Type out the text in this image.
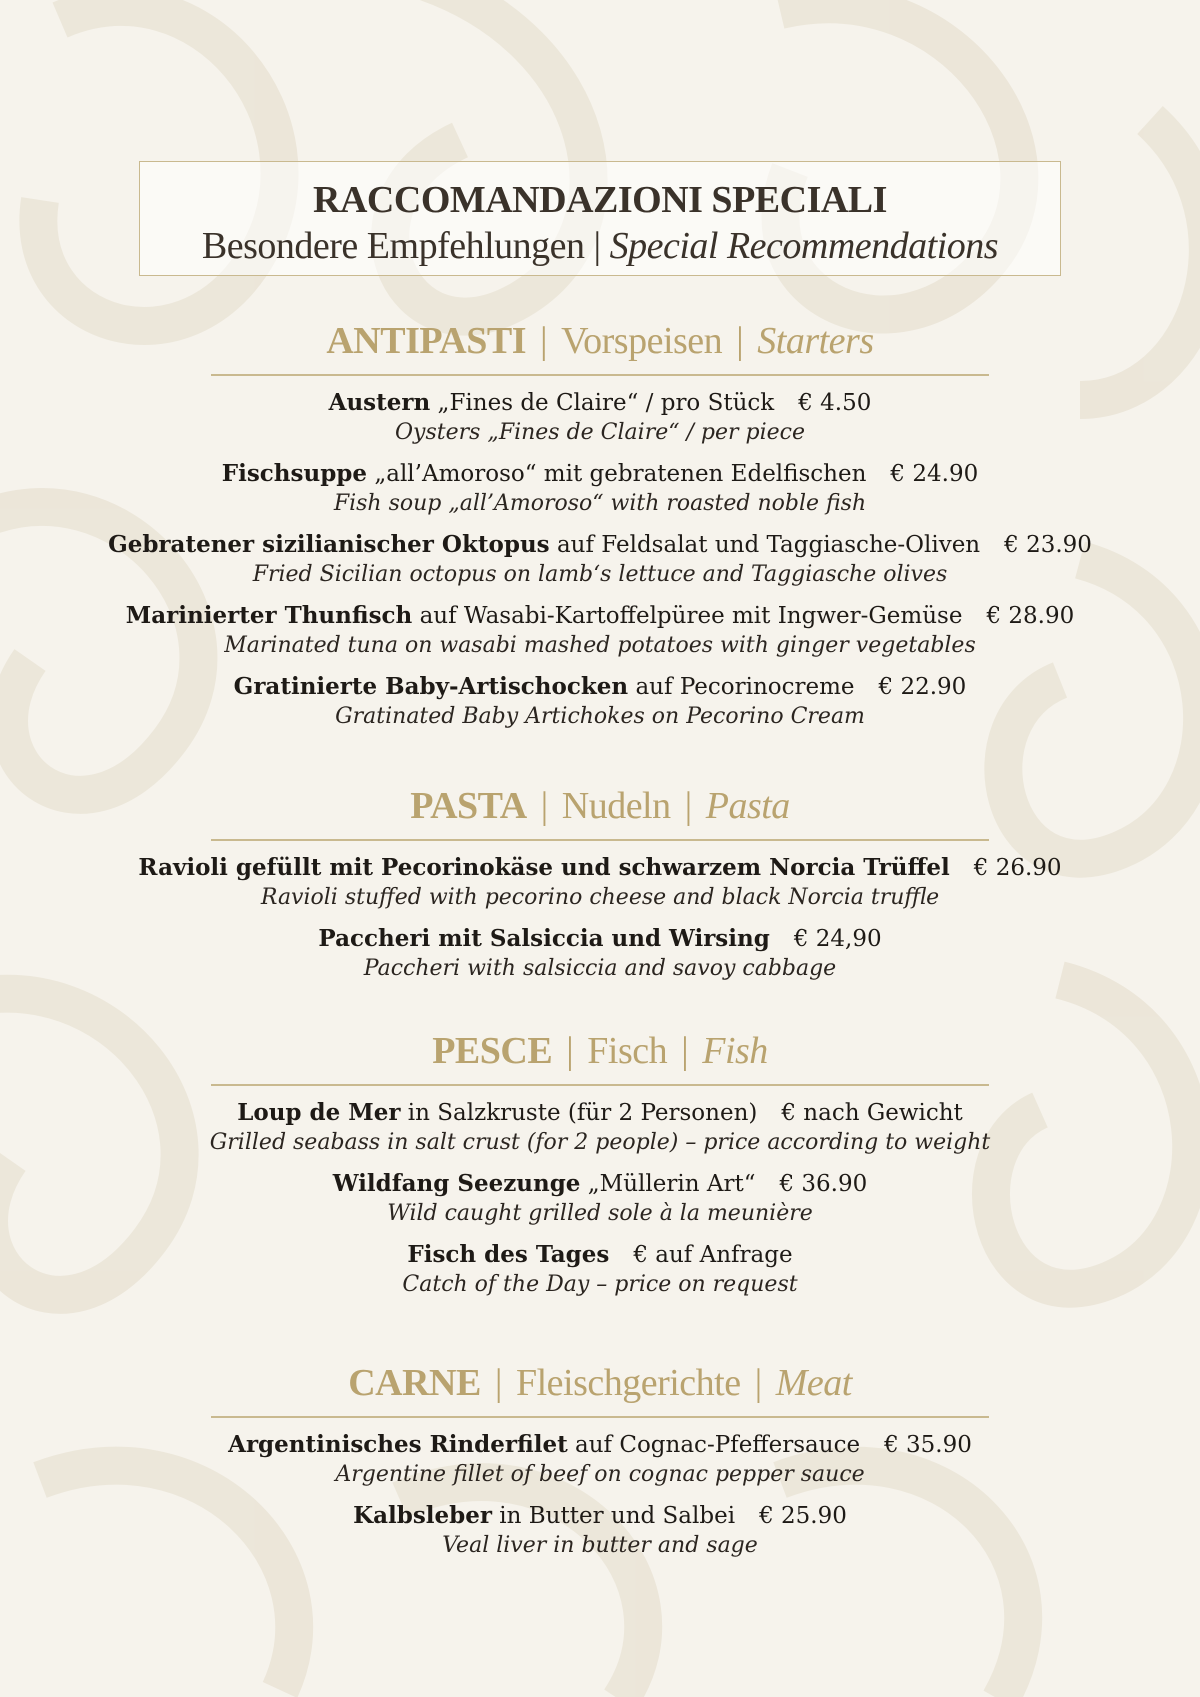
RACCOMANDAZIONI SPECIALI
Besondere Empfehlungen | Special Recommendations
ANTIPASTI | Vorspeisen | Starters
Austern „Fines de Claire“ / pro Stück € 4.50
Oysters „Fines de Claire“ / per piece
Fischsuppe „all’Amoroso“ mit gebratenen Edelfischen € 24.90
Fish soup „all’Amoroso“ with roasted noble fish
Gebratener sizilianischer Oktopus auf Feldsalat und Taggiasche-Oliven € 23.90
Fried Sicilian octopus on lamb‘s lettuce and Taggiasche olives
Marinierter Thunfisch auf Wasabi-Kartoffelpüree mit Ingwer-Gemüse € 28.90
Marinated tuna on wasabi mashed potatoes with ginger vegetables
Gratinierte Baby-Artischocken auf Pecorinocreme € 22.90
Gratinated Baby Artichokes on Pecorino Cream
PASTA | Nudeln | Pasta
Ravioli gefüllt mit Pecorinokäse und schwarzem Norcia Trüffel € 26.90
Ravioli stuffed with pecorino cheese and black Norcia truffle
Paccheri mit Salsiccia und Wirsing € 24,90
Paccheri with salsiccia and savoy cabbage
PESCE | Fisch | Fish
Loup de Mer in Salzkruste (für 2 Personen) € nach Gewicht
Grilled seabass in salt crust (for 2 people) – price according to weight
Wildfang Seezunge „Müllerin Art“ € 36.90
Wild caught grilled sole à la meunière
Fisch des Tages € auf Anfrage
Catch of the Day – price on request
CARNE | Fleischgerichte | Meat
Argentinisches Rinderfilet auf Cognac-Pfeffersauce € 35.90
Argentine fillet of beef on cognac pepper sauce
Kalbsleber in Butter und Salbei € 25.90
Veal liver in butter and sage
